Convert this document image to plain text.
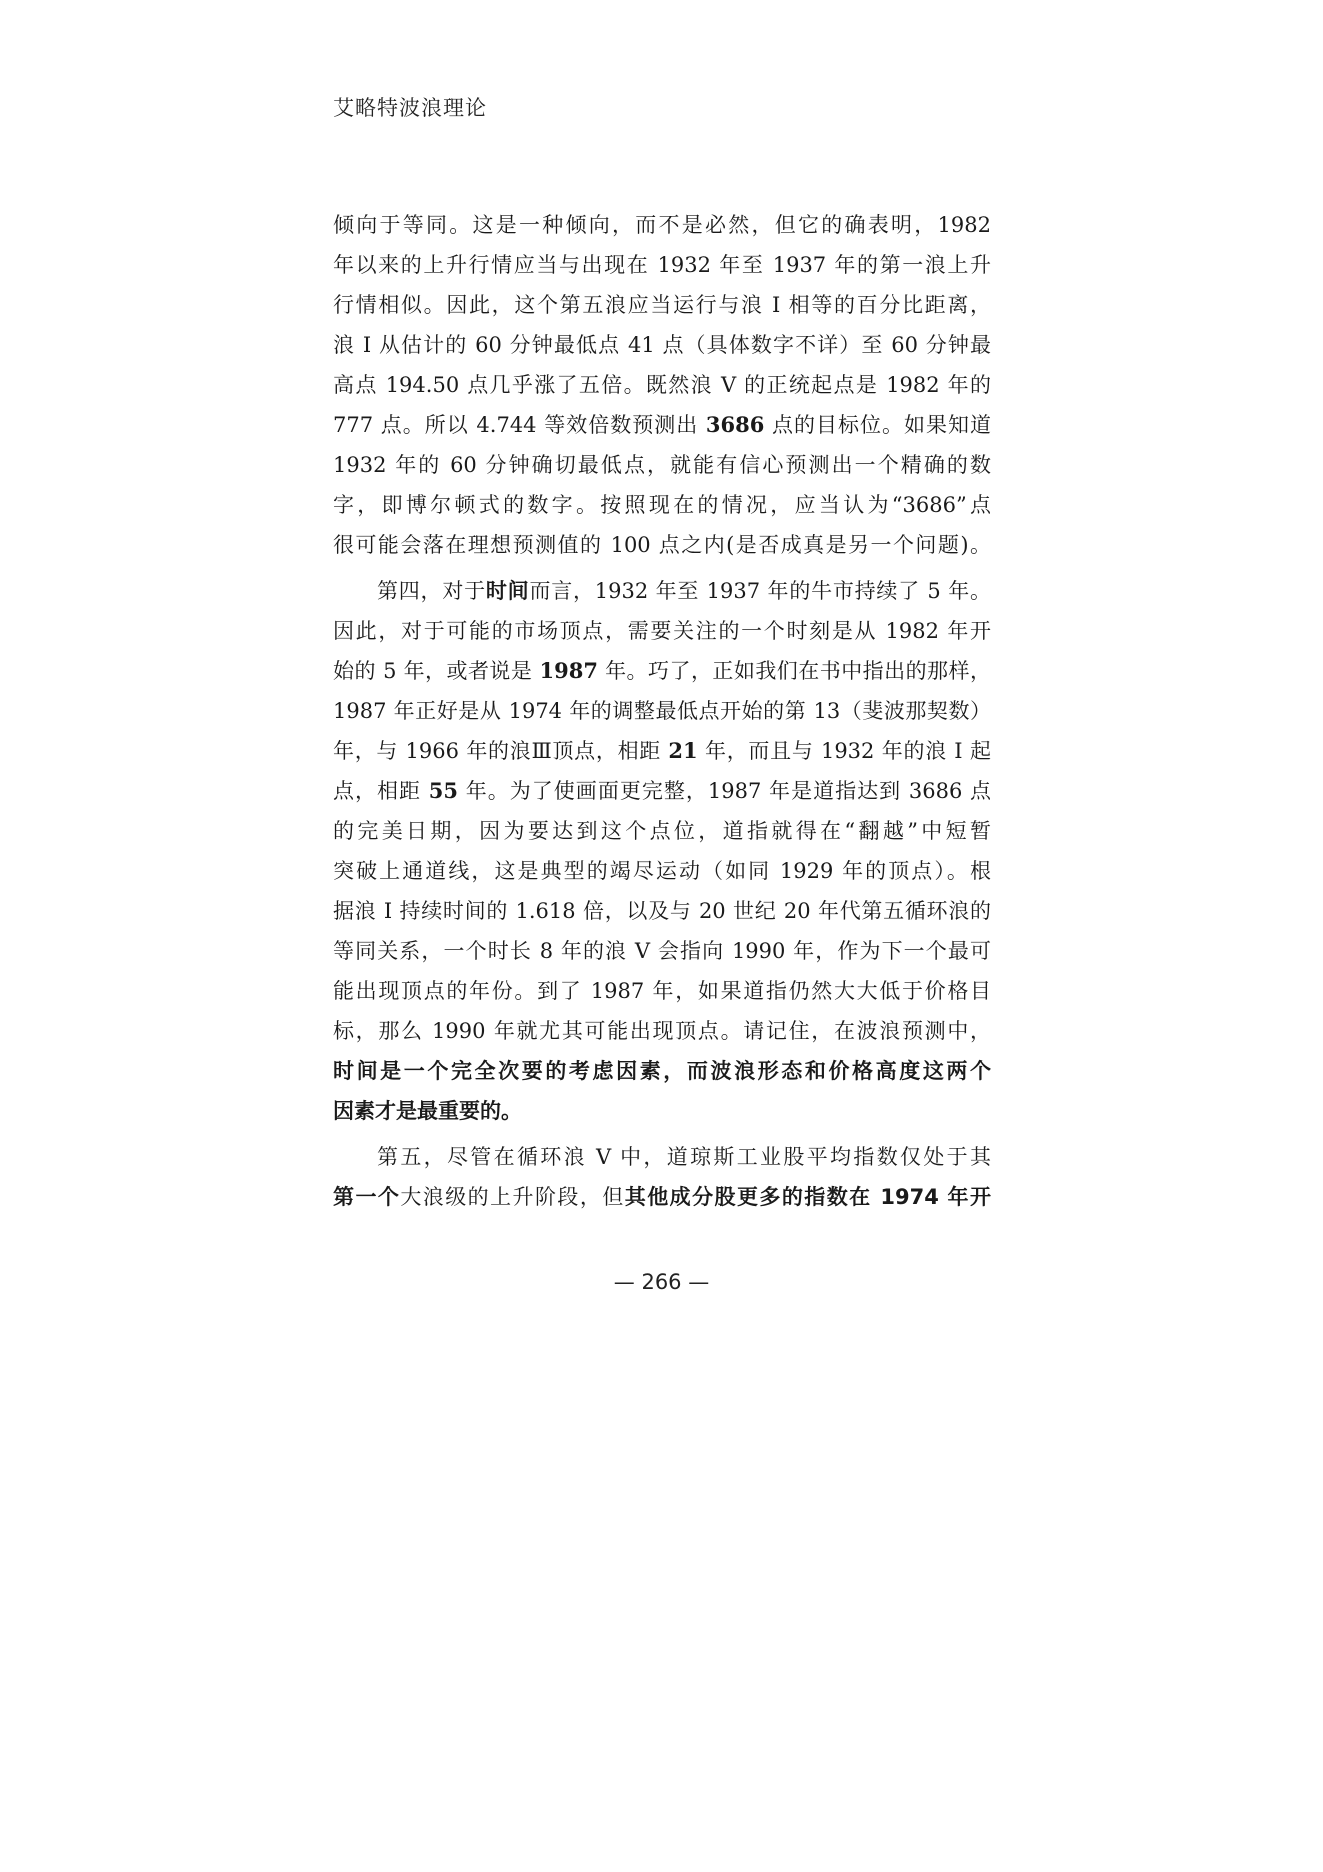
艾略特波浪理论
倾向于等同。这是一种倾向，而不是必然，但它的确表明，1982
年以来的上升行情应当与出现在 1932 年至 1937 年的第一浪上升
行情相似。因此，这个第五浪应当运行与浪 I 相等的百分比距离，
浪 I 从估计的 60 分钟最低点 41 点（具体数字不详）至 60 分钟最
高点 194.50 点几乎涨了五倍。既然浪 V 的正统起点是 1982 年的
777 点。所以 4.744 等效倍数预测出 3686 点的目标位。如果知道
1932 年的 60 分钟确切最低点，就能有信心预测出一个精确的数
字，即博尔顿式的数字。按照现在的情况，应当认为“3686”点
很可能会落在理想预测值的 100 点之内(是否成真是另一个问题)。
第四，对于时间而言，1932 年至 1937 年的牛市持续了 5 年。
因此，对于可能的市场顶点，需要关注的一个时刻是从 1982 年开
始的 5 年，或者说是 1987 年。巧了，正如我们在书中指出的那样，
1987 年正好是从 1974 年的调整最低点开始的第 13（斐波那契数）
年，与 1966 年的浪Ⅲ顶点，相距 21 年，而且与 1932 年的浪 I 起
点，相距 55 年。为了使画面更完整，1987 年是道指达到 3686 点
的完美日期，因为要达到这个点位，道指就得在“翻越”中短暂
突破上通道线，这是典型的竭尽运动（如同 1929 年的顶点）。根
据浪 I 持续时间的 1.618 倍，以及与 20 世纪 20 年代第五循环浪的
等同关系，一个时长 8 年的浪 V 会指向 1990 年，作为下一个最可
能出现顶点的年份。到了 1987 年，如果道指仍然大大低于价格目
标，那么 1990 年就尤其可能出现顶点。请记住，在波浪预测中，
时间是一个完全次要的考虑因素，而波浪形态和价格高度这两个
因素才是最重要的。
第五，尽管在循环浪 V 中，道琼斯工业股平均指数仅处于其
第一个大浪级的上升阶段，但其他成分股更多的指数在 1974 年开
— 266 —
